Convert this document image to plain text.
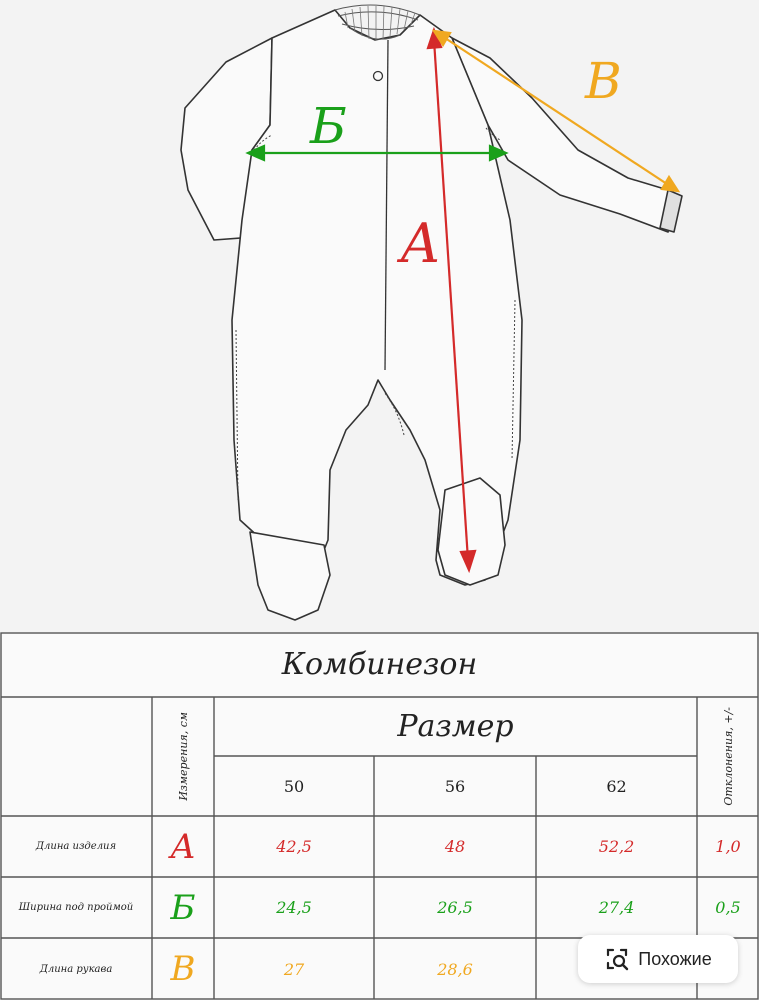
А
Б
В
Комбинезон
Измерения, см	Размер	Отклонения, +/-
50	56	62
Длина изделия	А	42,5	48	52,2	1,0
Ширина под проймой	Б	24,5	26,5	27,4	0,5
Длина рукава	В	27	28,6
Похожие
